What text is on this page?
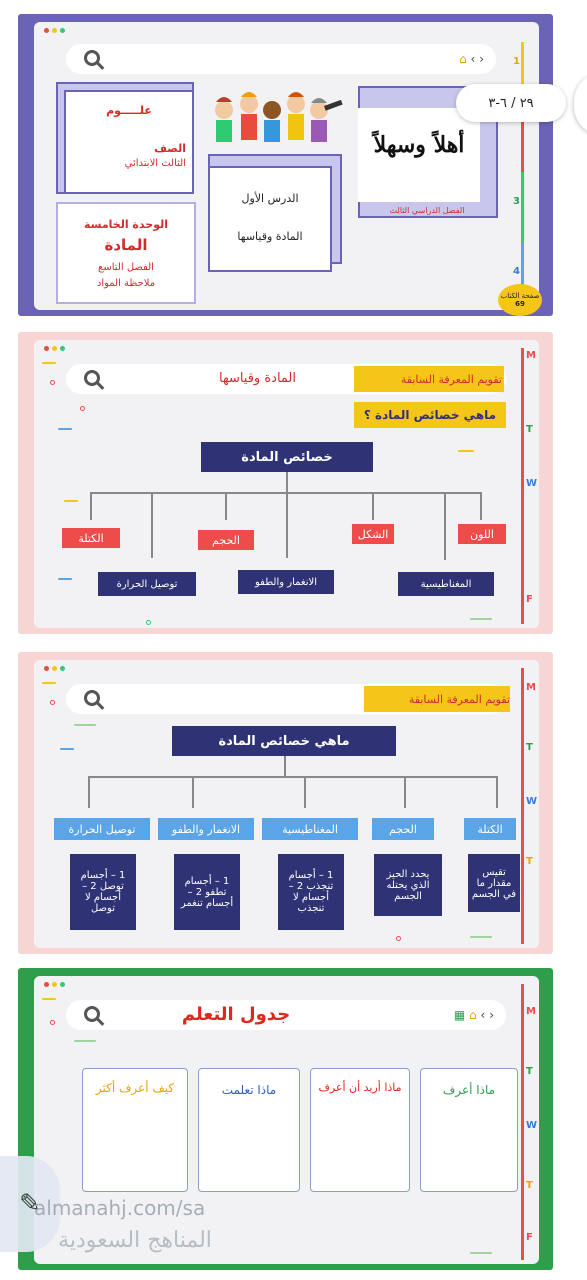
⌂ ‹ ›	1
3
4
علـــــوم
الصف
الثالث الابتدائي
الوحدة الخامسة
المادة
الفصل التاسع
ملاحظة المواد
الدرس الأول
المادة وقياسها
أهلاً وسهلاً
الفصل الدراسي الثالث
صفحة الكتاب
69
٢٩ / ٦-٣
المادة وقياسها	تقويم المعرفة السابقة
ماهي خصائص المادة ؟
M
T
W
F
خصائص المادة
اللون
الشكل
الحجم
الكتلة
المغناطيسية
الانغمار والطفو
توصيل الحرارة
تقويم المعرفة السابقة
M
T
W
T
ماهي خصائص المادة
الكتلة
الحجم
المغناطيسية
الانغمار والطفو
توصيل الحرارة
تقيس مقدار ما في الجسم
يحدد الحيز الذي يحتله الجسم
1 – أجسام تنجذب 2 – أجسام لا تنجذب
1 – أجسام تطفو 2 – أجسام تنغمر
1 – أجسام توصل 2 – أجسام لا توصل
جدول التعلم	▦ ⌂ ‹ ›	M
T
W
T
F
ماذا أعرف
ماذا أريد أن أعرف
ماذا تعلمت
كيف أعرف أكثر
✎
almanahj.com/sa
المناهج السعودية
